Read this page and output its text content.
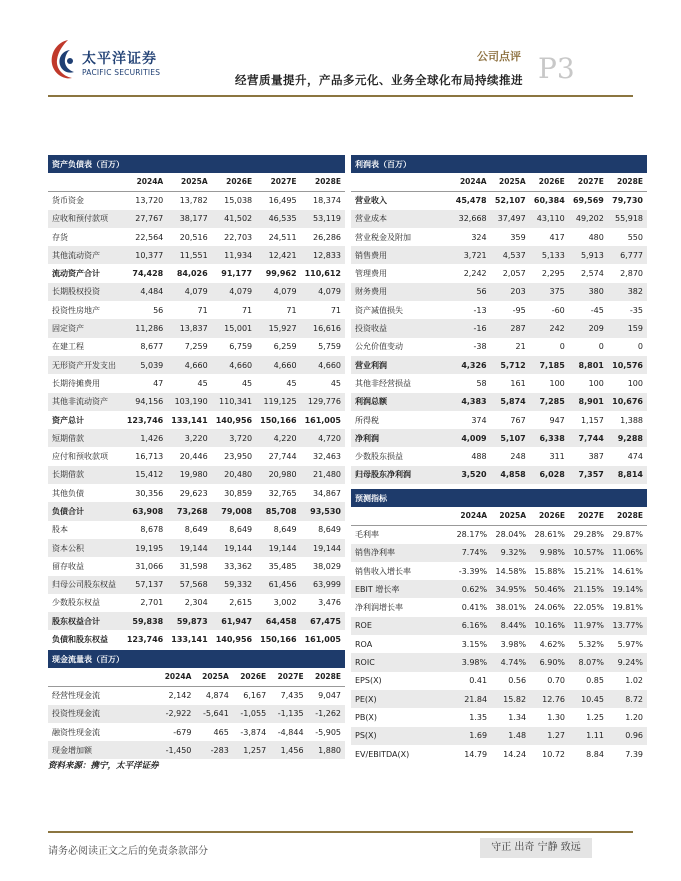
太平洋证券
PACIFIC SECURITIES
公司点评
经营质量提升，产品多元化、业务全球化布局持续推进 P3
资产负债表（百万）					
	2024A	2025A	2026E	2027E	2028E
货币资金	13,720	13,782	15,038	16,495	18,374
应收和预付款项	27,767	38,177	41,502	46,535	53,119
存货	22,564	20,516	22,703	24,511	26,286
其他流动资产	10,377	11,551	11,934	12,421	12,833
流动资产合计	74,428	84,026	91,177	99,962	110,612
长期股权投资	4,484	4,079	4,079	4,079	4,079
投资性房地产	56	71	71	71	71
固定资产	11,286	13,837	15,001	15,927	16,616
在建工程	8,677	7,259	6,759	6,259	5,759
无形资产开发支出	5,039	4,660	4,660	4,660	4,660
长期待摊费用	47	45	45	45	45
其他非流动资产	94,156	103,190	110,341	119,125	129,776
资产总计	123,746	133,141	140,956	150,166	161,005
短期借款	1,426	3,220	3,720	4,220	4,720
应付和预收款项	16,713	20,446	23,950	27,744	32,463
长期借款	15,412	19,980	20,480	20,980	21,480
其他负债	30,356	29,623	30,859	32,765	34,867
负债合计	63,908	73,268	79,008	85,708	93,530
股本	8,678	8,649	8,649	8,649	8,649
资本公积	19,195	19,144	19,144	19,144	19,144
留存收益	31,066	31,598	33,362	35,485	38,029
归母公司股东权益	57,137	57,568	59,332	61,456	63,999
少数股东权益	2,701	2,304	2,615	3,002	3,476
股东权益合计	59,838	59,873	61,947	64,458	67,475
负债和股东权益	123,746	133,141	140,956	150,166	161,005
现金流量表（百万）					
	2024A	2025A	2026E	2027E	2028E
经营性现金流	2,142	4,874	6,167	7,435	9,047
投资性现金流	-2,922	-5,641	-1,055	-1,135	-1,262
融资性现金流	-679	465	-3,874	-4,844	-5,905
现金增加额	-1,450	-283	1,257	1,456	1,880
利润表（百万）					
	2024A	2025A	2026E	2027E	2028E
营业收入	45,478	52,107	60,384	69,569	79,730
营业成本	32,668	37,497	43,110	49,202	55,918
营业税金及附加	324	359	417	480	550
销售费用	3,721	4,537	5,133	5,913	6,777
管理费用	2,242	2,057	2,295	2,574	2,870
财务费用	56	203	375	380	382
资产减值损失	-13	-95	-60	-45	-35
投资收益	-16	287	242	209	159
公允价值变动	-38	21	0	0	0
营业利润	4,326	5,712	7,185	8,801	10,576
其他非经营损益	58	161	100	100	100
利润总额	4,383	5,874	7,285	8,901	10,676
所得税	374	767	947	1,157	1,388
净利润	4,009	5,107	6,338	7,744	9,288
少数股东损益	488	248	311	387	474
归母股东净利润	3,520	4,858	6,028	7,357	8,814
预测指标					
	2024A	2025A	2026E	2027E	2028E
毛利率	28.17%	28.04%	28.61%	29.28%	29.87%
销售净利率	7.74%	9.32%	9.98%	10.57%	11.06%
销售收入增长率	-3.39%	14.58%	15.88%	15.21%	14.61%
EBIT 增长率	0.62%	34.95%	50.46%	21.15%	19.14%
净利润增长率	0.41%	38.01%	24.06%	22.05%	19.81%
ROE	6.16%	8.44%	10.16%	11.97%	13.77%
ROA	3.15%	3.98%	4.62%	5.32%	5.97%
ROIC	3.98%	4.74%	6.90%	8.07%	9.24%
EPS(X)	0.41	0.56	0.70	0.85	1.02
PE(X)	21.84	15.82	12.76	10.45	8.72
PB(X)	1.35	1.34	1.30	1.25	1.20
PS(X)	1.69	1.48	1.27	1.11	0.96
EV/EBITDA(X)	14.79	14.24	10.72	8.84	7.39
资料来源：携宁，太平洋证券
请务必阅读正文之后的免责条款部分	守正 出奇 宁静 致远
